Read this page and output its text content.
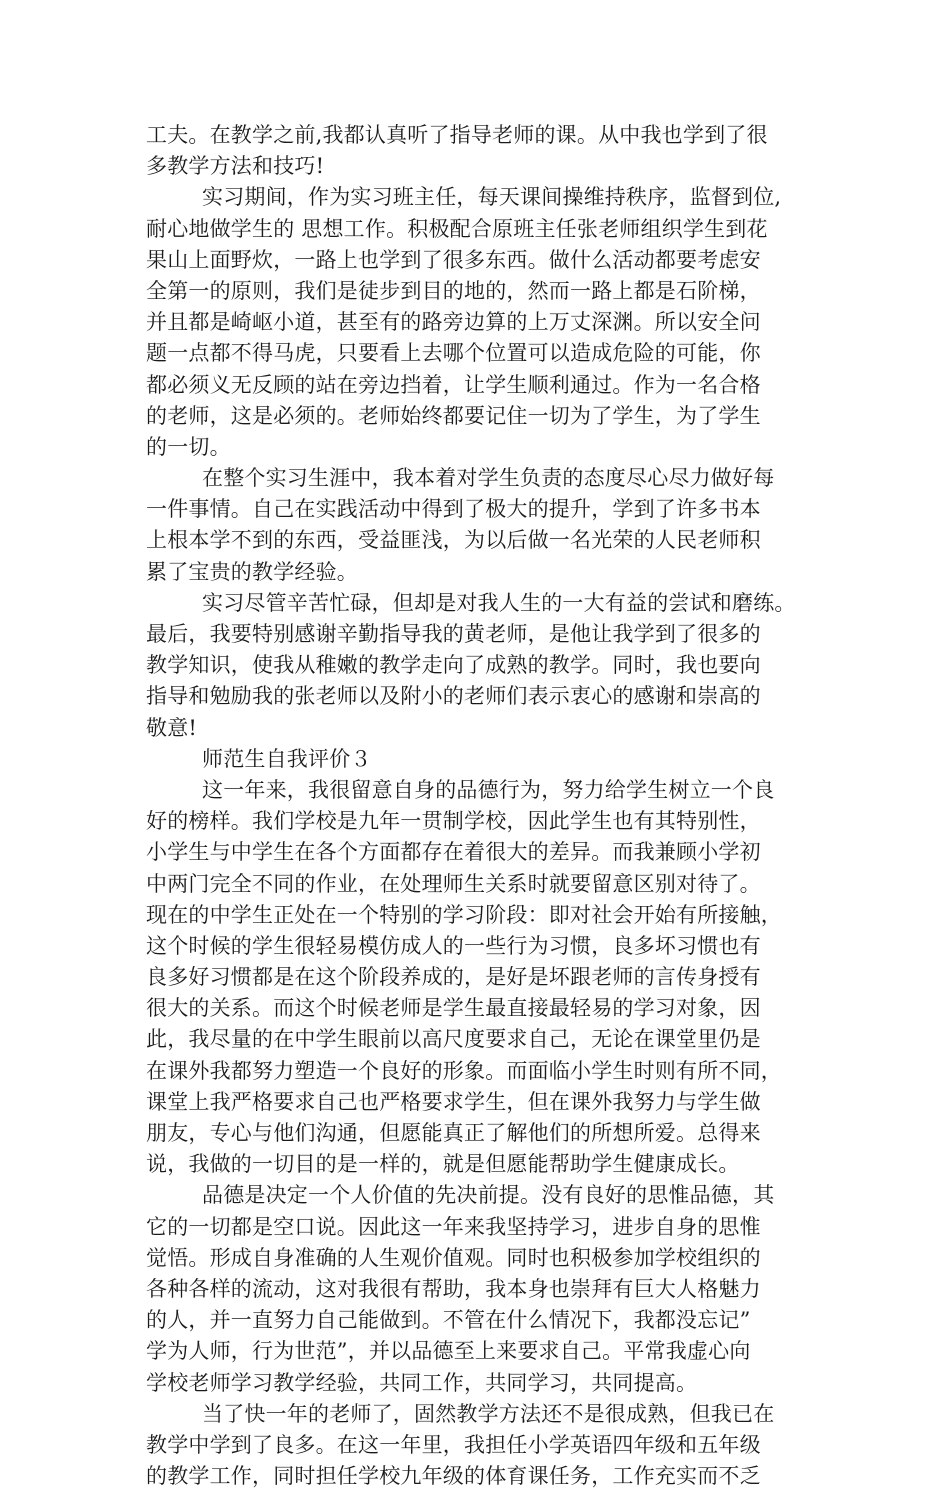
工夫。在教学之前,我都认真听了指导老师的课。从中我也学到了很
多教学方法和技巧!
实习期间，作为实习班主任，每天课间操维持秩序，监督到位,
耐心地做学生的 思想工作。积极配合原班主任张老师组织学生到花
果山上面野炊，一路上也学到了很多东西。做什么活动都要考虑安
全第一的原则，我们是徒步到目的地的，然而一路上都是石阶梯，
并且都是崎岖小道，甚至有的路旁边算的上万丈深渊。所以安全问
题一点都不得马虎，只要看上去哪个位置可以造成危险的可能，你
都必须义无反顾的站在旁边挡着，让学生顺利通过。作为一名合格
的老师，这是必须的。老师始终都要记住一切为了学生，为了学生
的一切。
在整个实习生涯中，我本着对学生负责的态度尽心尽力做好每
一件事情。自己在实践活动中得到了极大的提升，学到了许多书本
上根本学不到的东西，受益匪浅，为以后做一名光荣的人民老师积
累了宝贵的教学经验。
实习尽管辛苦忙碌，但却是对我人生的一大有益的尝试和磨练。
最后，我要特别感谢辛勤指导我的黄老师，是他让我学到了很多的
教学知识，使我从稚嫩的教学走向了成熟的教学。同时，我也要向
指导和勉励我的张老师以及附小的老师们表示衷心的感谢和崇高的
敬意!
师范生自我评价３
这一年来，我很留意自身的品德行为，努力给学生树立一个良
好的榜样。我们学校是九年一贯制学校，因此学生也有其特别性，
小学生与中学生在各个方面都存在着很大的差异。而我兼顾小学初
中两门完全不同的作业，在处理师生关系时就要留意区别对待了。
现在的中学生正处在一个特别的学习阶段：即对社会开始有所接触，
这个时候的学生很轻易模仿成人的一些行为习惯，良多坏习惯也有
良多好习惯都是在这个阶段养成的，是好是坏跟老师的言传身授有
很大的关系。而这个时候老师是学生最直接最轻易的学习对象，因
此，我尽量的在中学生眼前以高尺度要求自己，无论在课堂里仍是
在课外我都努力塑造一个良好的形象。而面临小学生时则有所不同，
课堂上我严格要求自己也严格要求学生，但在课外我努力与学生做
朋友，专心与他们沟通，但愿能真正了解他们的所想所爱。总得来
说，我做的一切目的是一样的，就是但愿能帮助学生健康成长。
品德是决定一个人价值的先决前提。没有良好的思惟品德，其
它的一切都是空口说。因此这一年来我坚持学习，进步自身的思惟
觉悟。形成自身准确的人生观价值观。同时也积极参加学校组织的
各种各样的流动，这对我很有帮助，我本身也崇拜有巨大人格魅力
的人，并一直努力自己能做到。不管在什么情况下，我都没忘记”
学为人师，行为世范”，并以品德至上来要求自己。平常我虚心向
学校老师学习教学经验，共同工作，共同学习，共同提高。
当了快一年的老师了，固然教学方法还不是很成熟，但我已在
教学中学到了良多。在这一年里，我担任小学英语四年级和五年级
的教学工作，同时担任学校九年级的体育课任务，工作充实而不乏
